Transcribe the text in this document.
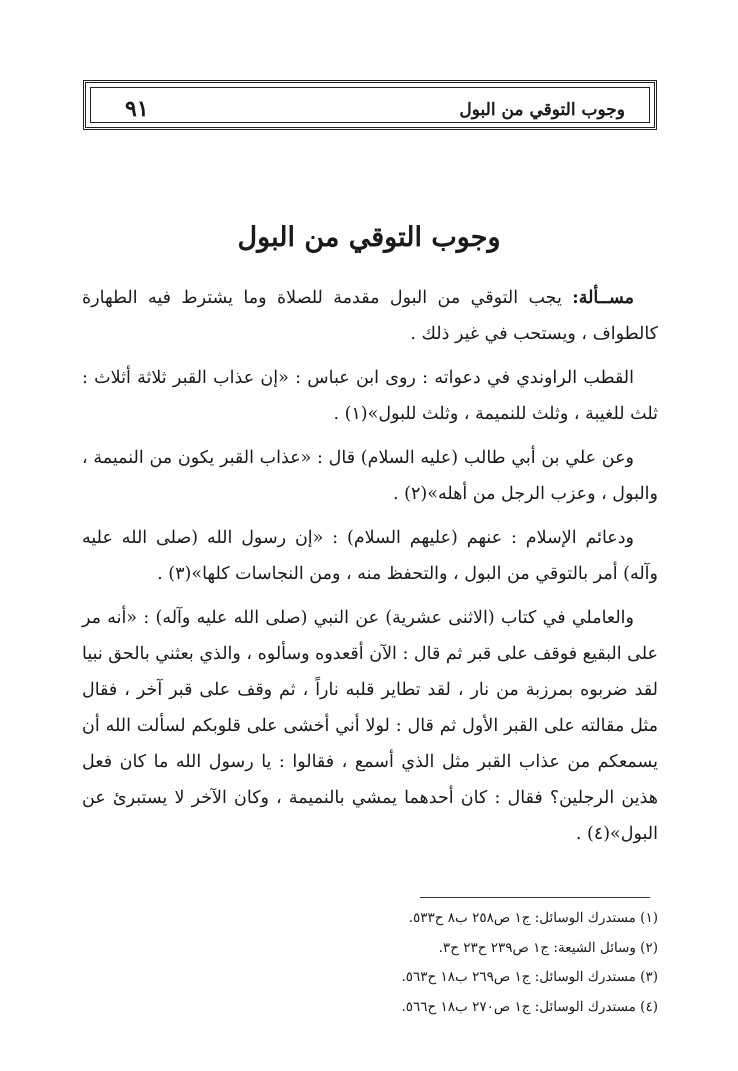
وجوب التوقي من البول
٩١
وجوب التوقي من البول

مســألة: يجب التوقي من البول مقدمة للصلاة وما يشترط فيه الطهارة كالطواف ، ويستحب في غير ذلك .

القطب الراوندي في دعواته : روى ابن عباس : «إن عذاب القبر ثلاثة أثلاث : ثلث للغيبة ، وثلث للنميمة ، وثلث للبول»(١) .

وعن علي بن أبي طالب (عليه السلام) قال : «عذاب القبر يكون من النميمة ، والبول ، وعزب الرجل من أهله»(٢) .

ودعائم الإسلام : عنهم (عليهم السلام) : «إن رسول الله (صلى الله عليه وآله) أمر بالتوقي من البول ، والتحفظ منه ، ومن النجاسات كلها»(٣) .

والعاملي في كتاب (الاثنى عشرية) عن النبي (صلى الله عليه وآله) : «أنه مر على البقيع فوقف على قبر ثم قال : الآن أقعدوه وسألوه ، والذي بعثني بالحق نبيا لقد ضربوه بمرزبة من نار ، لقد تطاير قلبه ناراً ، ثم وقف على قبر آخر ، فقال مثل مقالته على القبر الأول ثم قال : لولا أني أخشى على قلوبكم لسألت الله أن يسمعكم من عذاب القبر مثل الذي أسمع ، فقالوا : يا رسول الله ما كان فعل هذين الرجلين؟ فقال : كان أحدهما يمشي بالنميمة ، وكان الآخر لا يستبرئ عن البول»(٤) .

(١) مستدرك الوسائل: ج١ ص٢٥٨ ب٨ ح٥٣٣.
(٢) وسائل الشيعة: ج١ ص٢٣٩ ح٢٣ ح٣.
(٣) مستدرك الوسائل: ج١ ص٢٦٩ ب١٨ ح٥٦٣.
(٤) مستدرك الوسائل: ج١ ص٢٧٠ ب١٨ ح٥٦٦.
